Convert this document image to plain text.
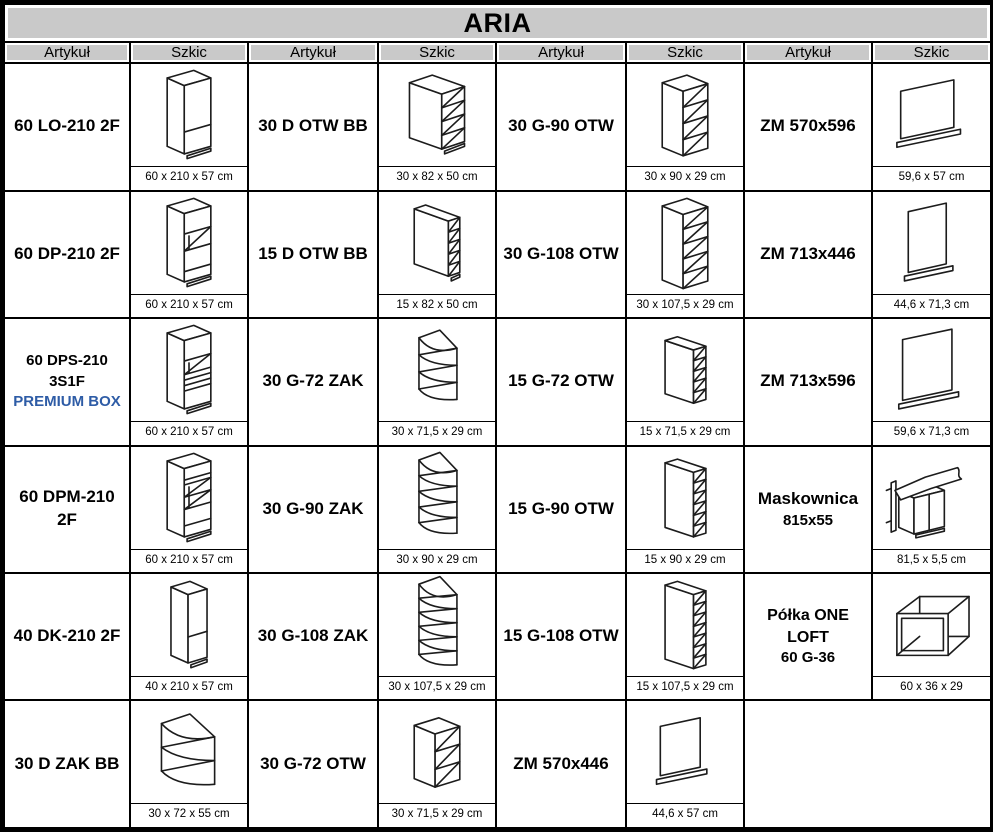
ARIA							
Artykuł	Szkic	Artykuł	Szkic	Artykuł	Szkic	Artykuł	Szkic
60 LO-210 2F	60 x 210 x 57 cm	30 D OTW BB	30 x 82 x 50 cm	30 G-90 OTW	30 x 90 x 29 cm	ZM 570x596	59,6 x 57 cm

60 DP-210 2F	60 x 210 x 57 cm	15 D OTW BB	15 x 82 x 50 cm	30 G-108 OTW	30 x 107,5 x 29 cm	ZM 713x446	44,6 x 71,3 cm

60 DPS-210 3S1F
PREMIUM BOX	60 x 210 x 57 cm	30 G-72 ZAK	30 x 71,5 x 29 cm	15 G-72 OTW	15 x 71,5 x 29 cm	ZM 713x596	59,6 x 71,3 cm

60 DPM-210 2F	60 x 210 x 57 cm	30 G-90 ZAK	30 x 90 x 29 cm	15 G-90 OTW	15 x 90 x 29 cm	Maskownica
815x55	81,5 x 5,5 cm

40 DK-210 2F	40 x 210 x 57 cm	30 G-108 ZAK	30 x 107,5 x 29 cm	15 G-108 OTW	15 x 107,5 x 29 cm	Półka ONE LOFT
60 G-36	60 x 36 x 29

30 D ZAK BB	30 x 72 x 55 cm	30 G-72 OTW	30 x 71,5 x 29 cm	ZM 570x446	44,6 x 57 cm		
